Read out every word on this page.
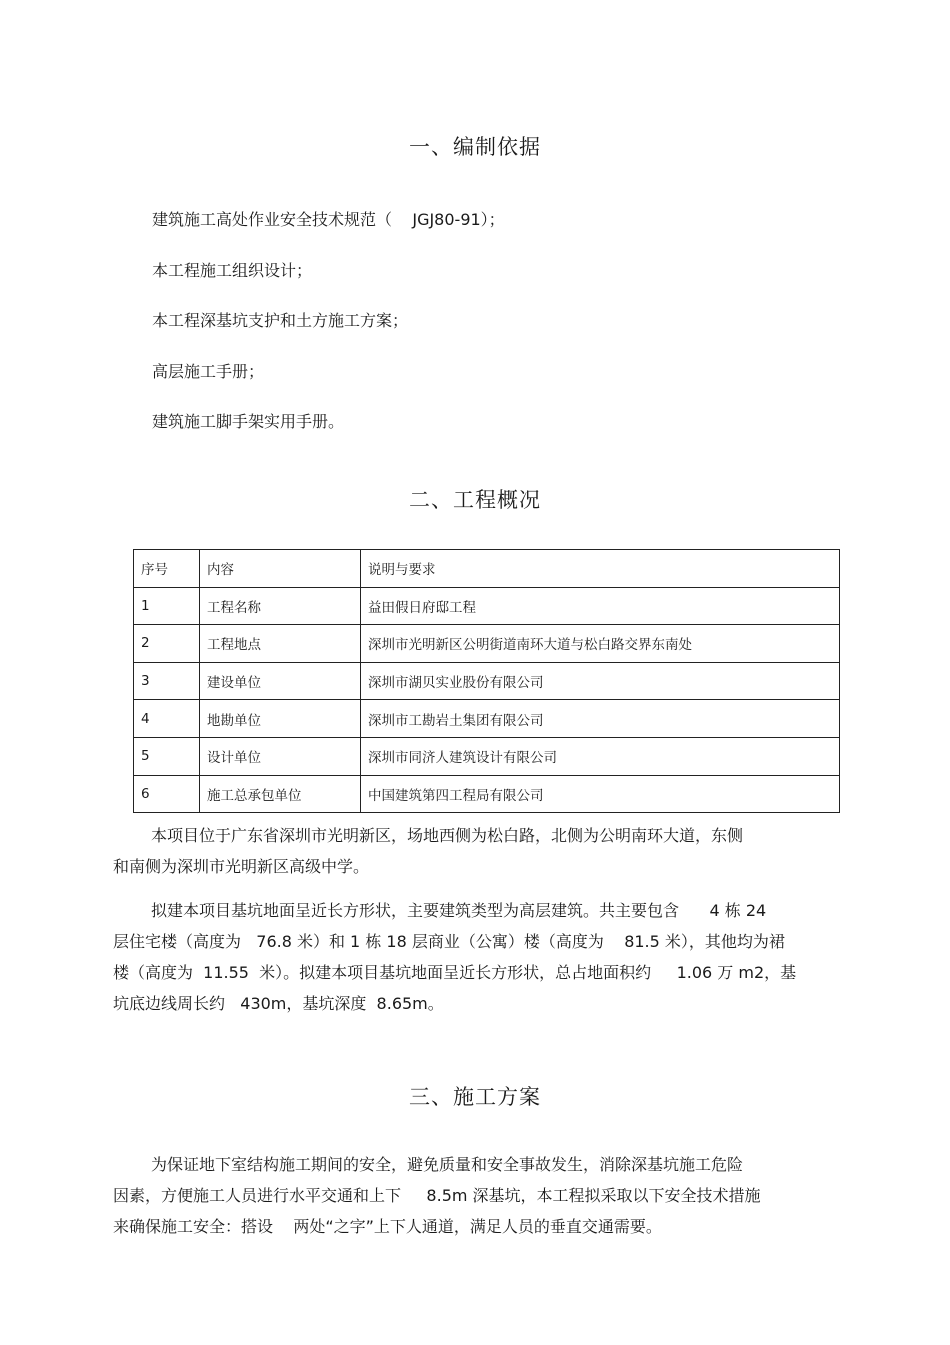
一、编制依据
建筑施工高处作业安全技术规范（    JGJ80-91）；
本工程施工组织设计；
本工程深基坑支护和土方施工方案；
高层施工手册；
建筑施工脚手架实用手册。
二、工程概况
序号	内容	说明与要求
1	工程名称	益田假日府邸工程
2	工程地点	深圳市光明新区公明街道南环大道与松白路交界东南处
3	建设单位	深圳市湖贝实业股份有限公司
4	地勘单位	深圳市工勘岩土集团有限公司
5	设计单位	深圳市同济人建筑设计有限公司
6	施工总承包单位	中国建筑第四工程局有限公司
本项目位于广东省深圳市光明新区，场地西侧为松白路，北侧为公明南环大道，东侧
和南侧为深圳市光明新区高级中学。
拟建本项目基坑地面呈近长方形状，主要建筑类型为高层建筑。共主要包含      4 栋 24
层住宅楼（高度为   76.8 米）和 1 栋 18 层商业（公寓）楼（高度为    81.5 米），其他均为裙
楼（高度为  11.55  米）。拟建本项目基坑地面呈近长方形状，总占地面积约     1.06 万 m2，基
坑底边线周长约   430m，基坑深度  8.65m。
三、施工方案
为保证地下室结构施工期间的安全，避免质量和安全事故发生，消除深基坑施工危险
因素，方便施工人员进行水平交通和上下     8.5m 深基坑，本工程拟采取以下安全技术措施
来确保施工安全：搭设    两处“之字”上下人通道，满足人员的垂直交通需要。
